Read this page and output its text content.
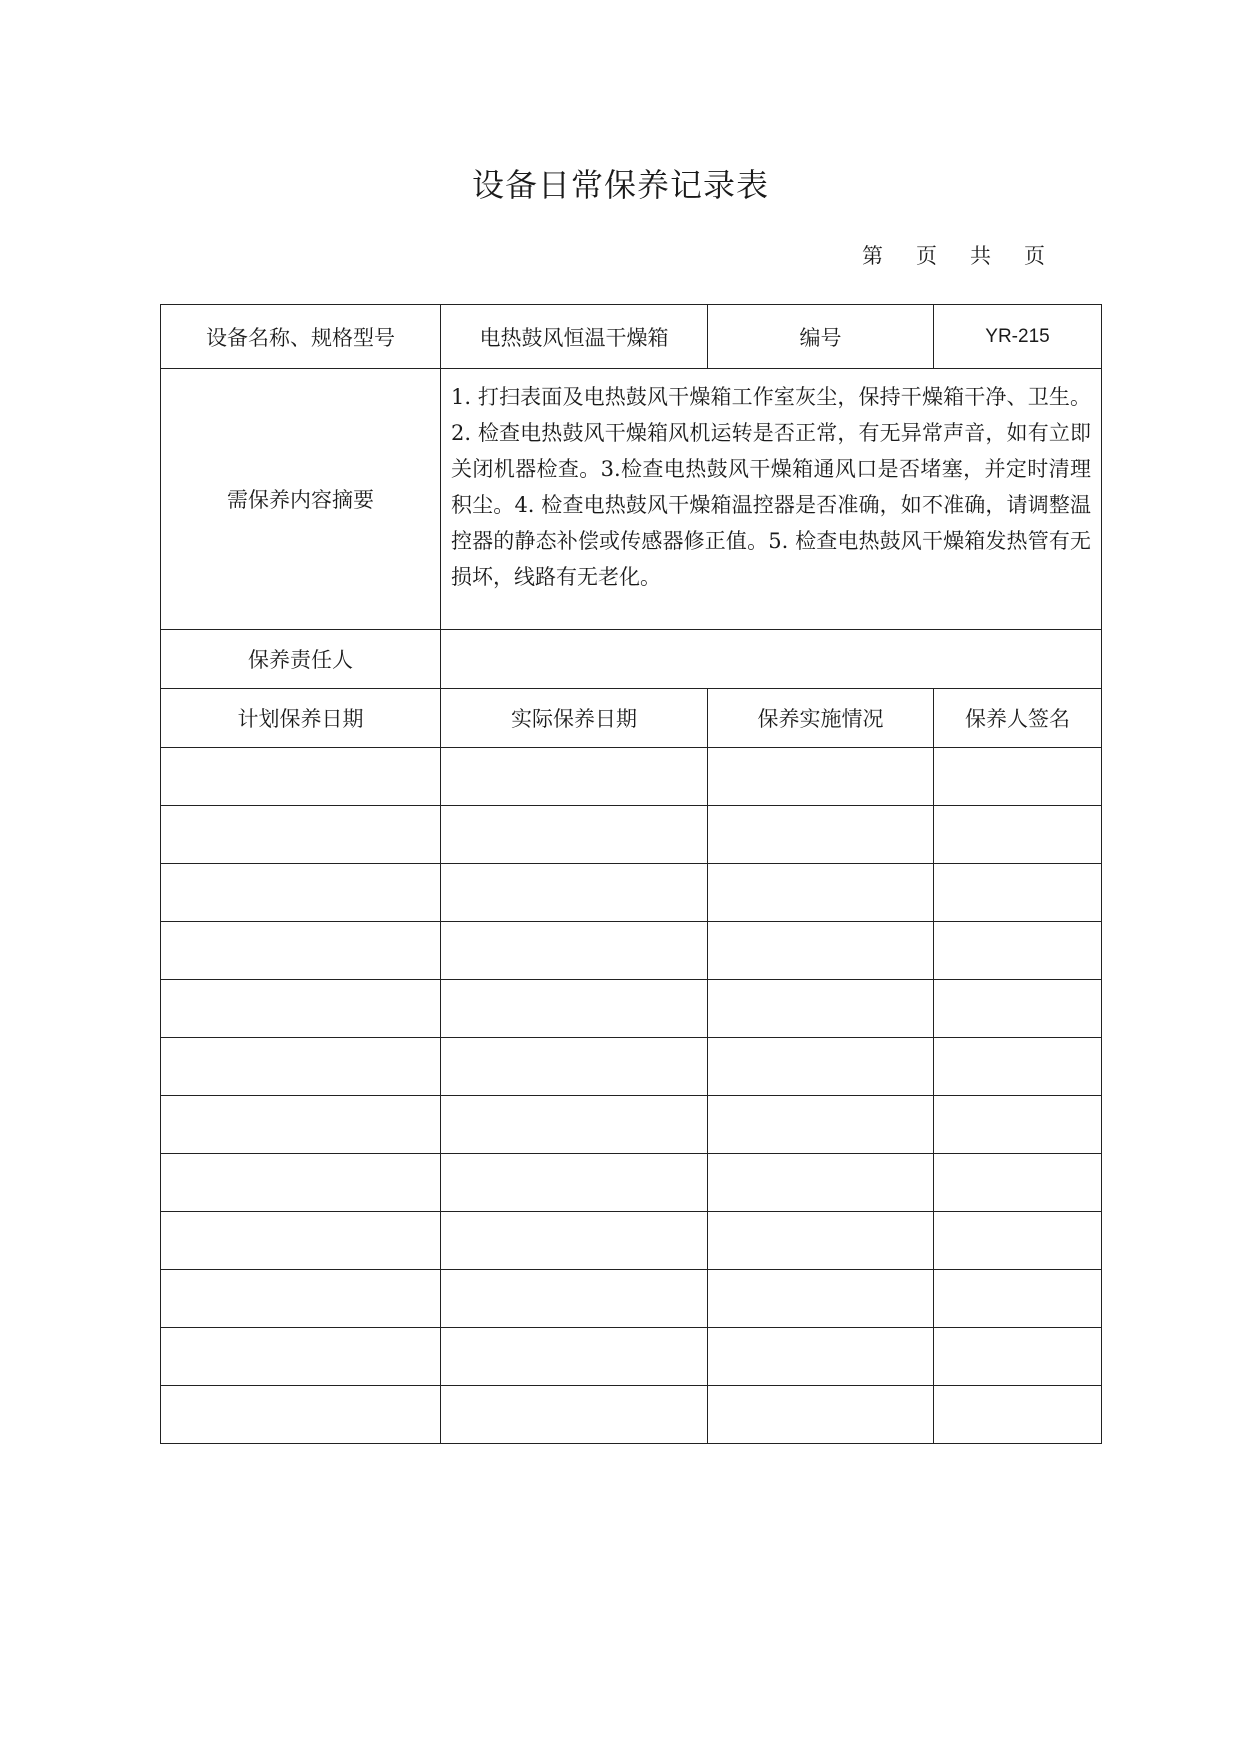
设备日常保养记录表
第 页 共 页
设备名称、规格型号	电热鼓风恒温干燥箱	编号	YR-215
需保养内容摘要	1. 打扫表面及电热鼓风干燥箱工作室灰尘，保持干燥箱干净、卫生。2. 检查电热鼓风干燥箱风机运转是否正常，有无异常声音，如有立即关闭机器检查。3.检查电热鼓风干燥箱通风口是否堵塞，并定时清理积尘。4. 检查电热鼓风干燥箱温控器是否准确，如不准确，请调整温控器的静态补偿或传感器修正值。5. 检查电热鼓风干燥箱发热管有无损坏，线路有无老化。		
保养责任人			
计划保养日期	实际保养日期	保养实施情况	保养人签名
